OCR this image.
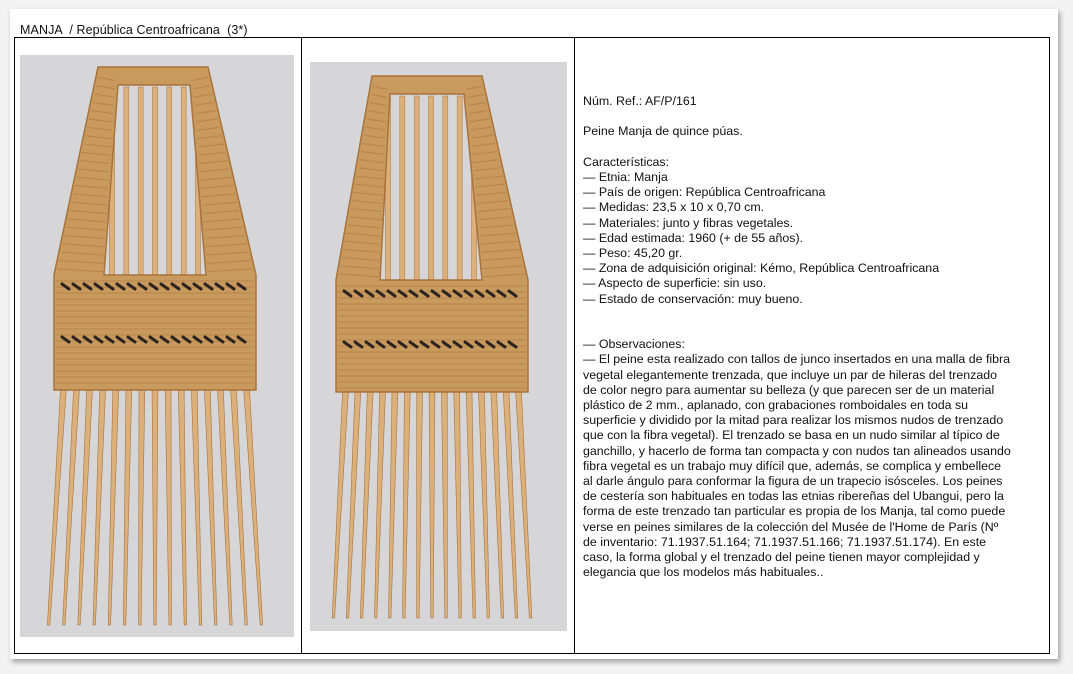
MANJA  / República Centroafricana  (3*)

Núm. Ref.: AF/P/161

Peine Manja de quince púas.

Características:

— Etnia: Manja

— País de origen: República Centroafricana

— Medidas: 23,5 x 10 x 0,70 cm.

— Materiales: junto y fibras vegetales.

— Edad estimada: 1960 (+ de 55 años).

— Peso: 45,20 gr.

— Zona de adquisición original: Kémo, República Centroafricana

— Aspecto de superficie: sin uso.

— Estado de conservación: muy bueno.

— Observaciones:

— El peine esta realizado con tallos de junco insertados en una malla de fibra

vegetal elegantemente trenzada, que incluye un par de hileras del trenzado

de color negro para aumentar su belleza (y que parecen ser de un material

plástico de 2 mm., aplanado, con grabaciones romboidales en toda su

superficie y dividido por la mitad para realizar los mismos nudos de trenzado

que con la fibra vegetal). El trenzado se basa en un nudo similar al típico de

ganchillo, y hacerlo de forma tan compacta y con nudos tan alineados usando

fibra vegetal es un trabajo muy difícil que, además, se complica y embellece

al darle ángulo para conformar la figura de un trapecio isósceles. Los peines

de cestería son habituales en todas las etnias ribereñas del Ubangui, pero la

forma de este trenzado tan particular es propia de los Manja, tal como puede

verse en peines similares de la colección del Musée de l'Home de París (Nº

de inventario: 71.1937.51.164; 71.1937.51.166; 71.1937.51.174). En este

caso, la forma global y el trenzado del peine tienen mayor complejidad y

elegancia que los modelos más habituales..
